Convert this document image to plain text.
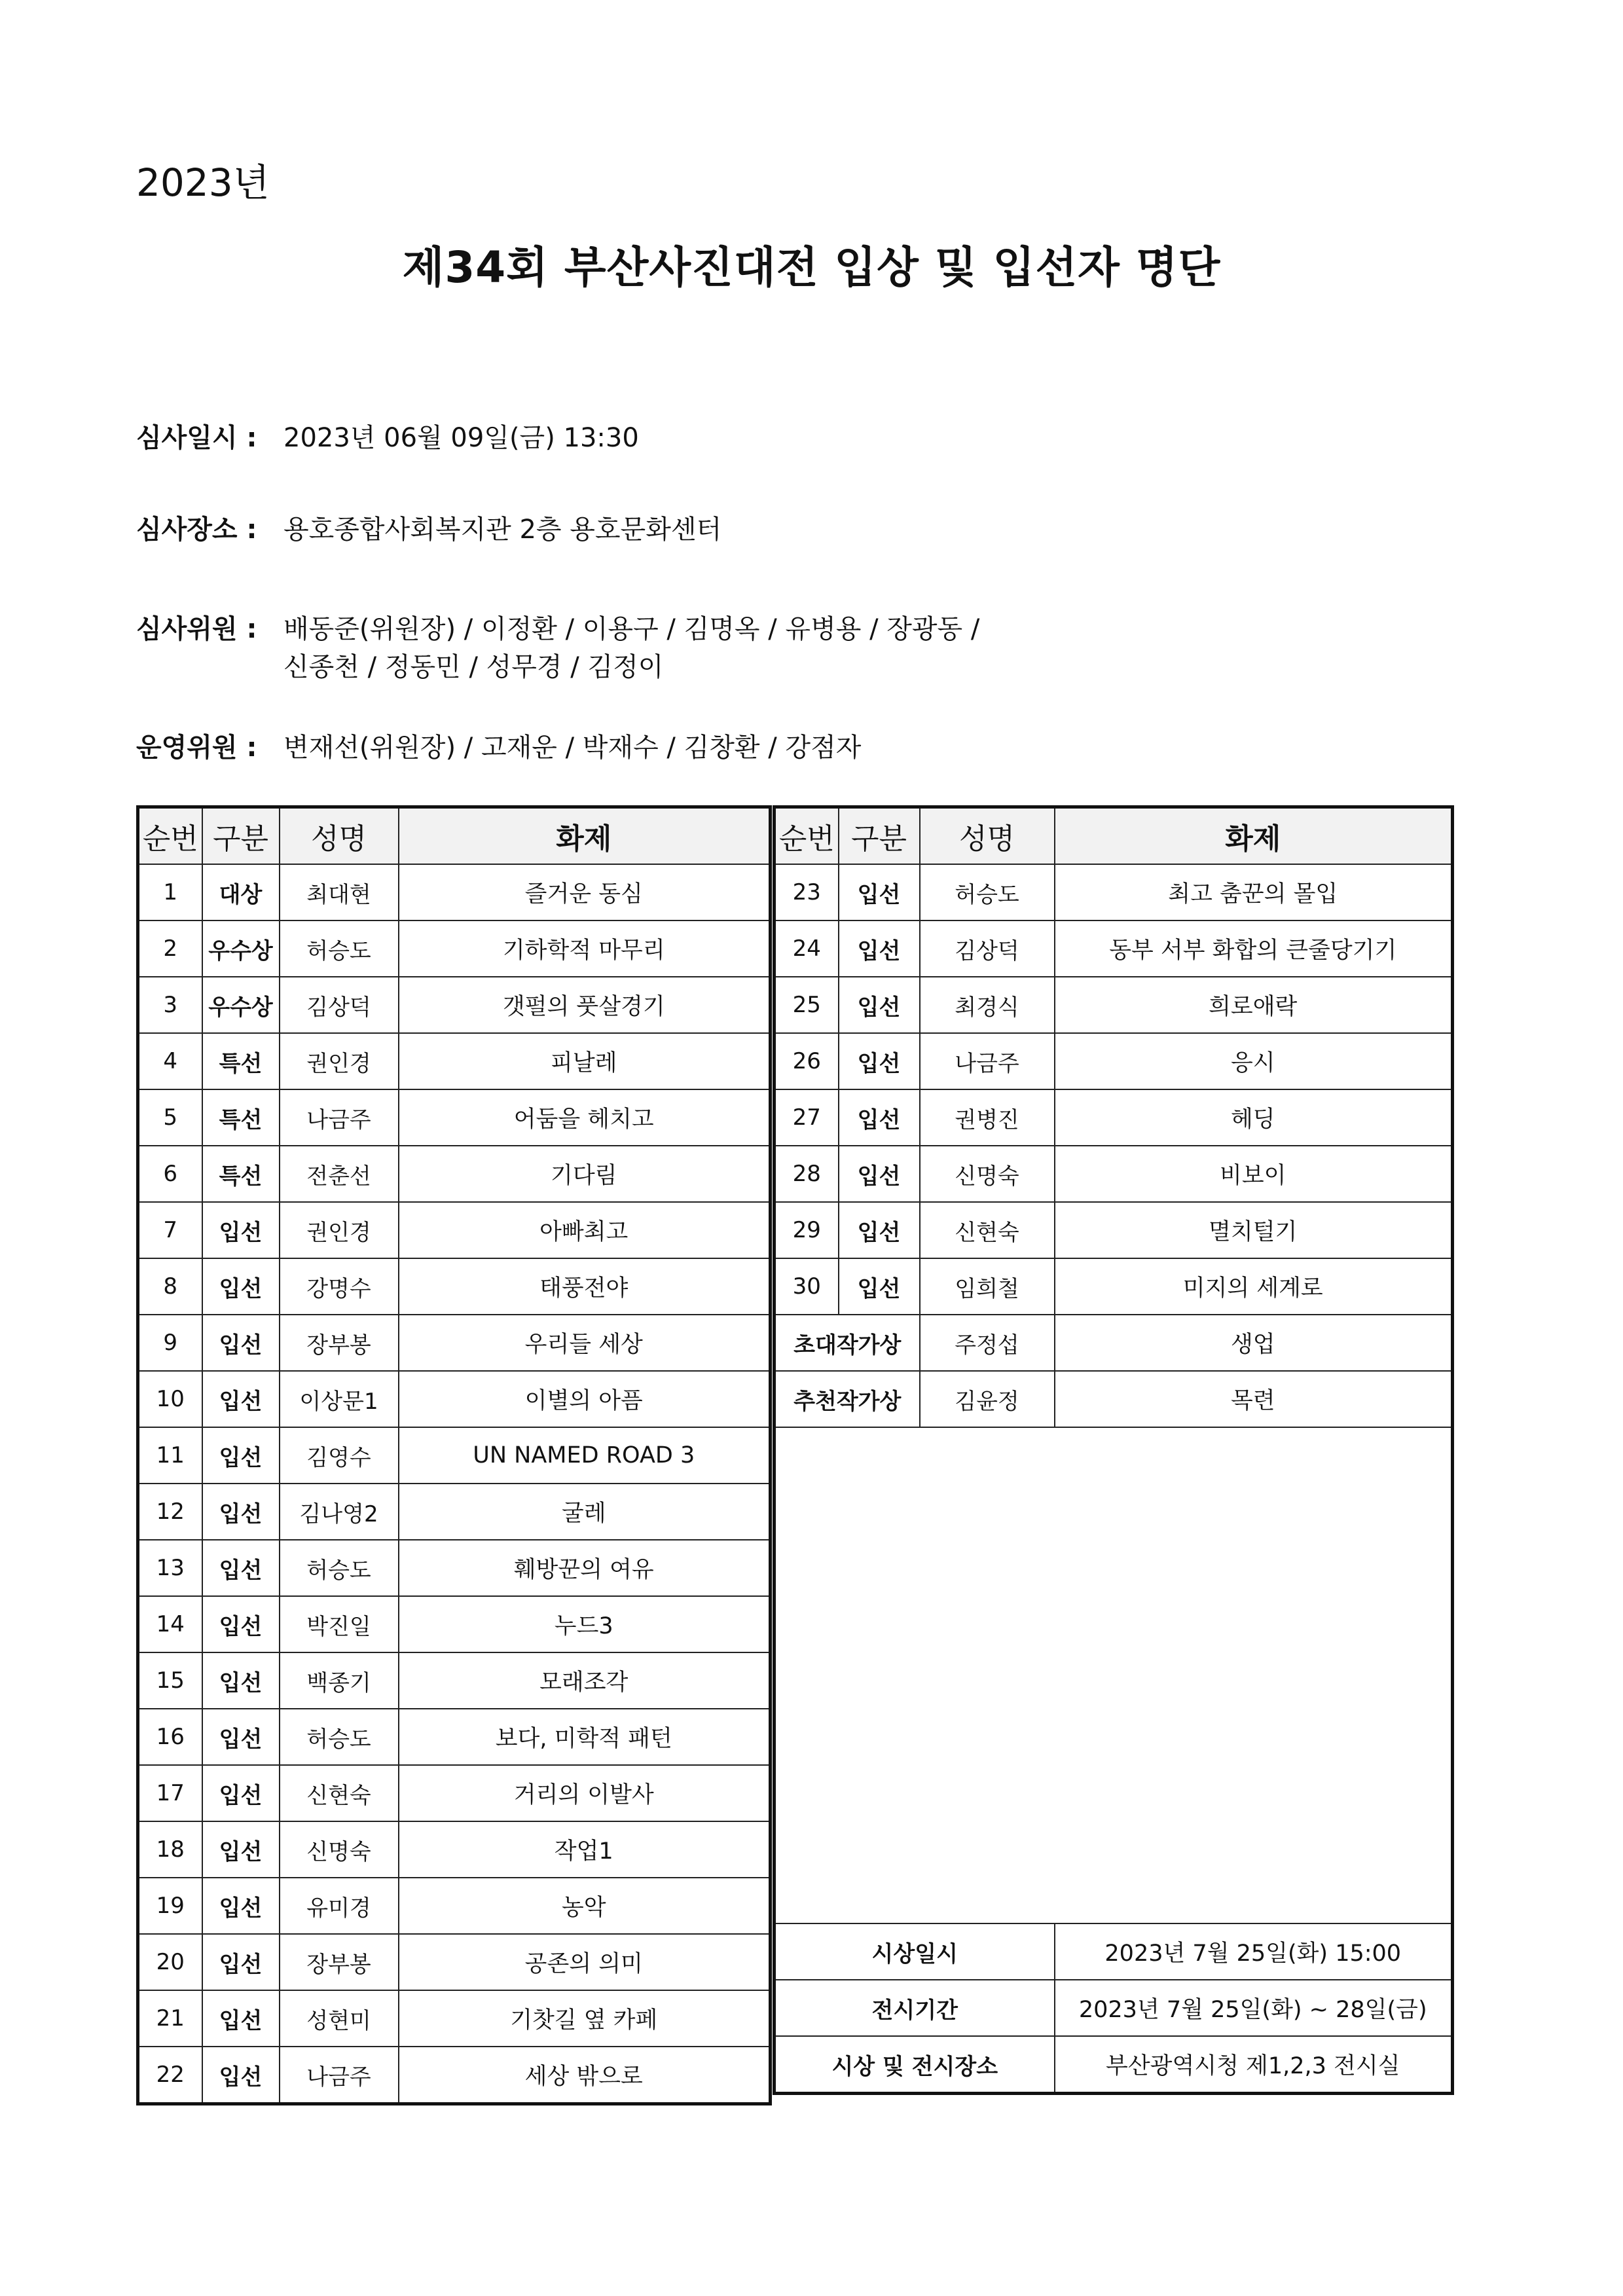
2023년
제34회 부산사진대전 입상 및 입선자 명단
심사일시 : 2023년 06월 09일(금) 13:30
심사장소 : 용호종합사회복지관 2층 용호문화센터
심사위원 : 배동준(위원장) / 이정환 / 이용구 / 김명옥 / 유병용 / 장광동 /
신종천 / 정동민 / 성무경 / 김정이
운영위원 : 변재선(위원장) / 고재운 / 박재수 / 김창환 / 강점자
순번	구분	성명	화제
1	대상	최대현	즐거운 동심
2	우수상	허승도	기하학적 마무리
3	우수상	김상덕	갯펄의 풋살경기
4	특선	권인경	피날레
5	특선	나금주	어둠을 헤치고
6	특선	전춘선	기다림
7	입선	권인경	아빠최고
8	입선	강명수	태풍전야
9	입선	장부봉	우리들 세상
10	입선	이상문1	이별의 아픔
11	입선	김영수	UN NAMED ROAD 3
12	입선	김나영2	굴레
13	입선	허승도	훼방꾼의 여유
14	입선	박진일	누드3
15	입선	백종기	모래조각
16	입선	허승도	보다, 미학적 패턴
17	입선	신현숙	거리의 이발사
18	입선	신명숙	작업1
19	입선	유미경	농악
20	입선	장부봉	공존의 의미
21	입선	성현미	기찻길 옆 카페
22	입선	나금주	세상 밖으로
순번	구분	성명	화제
23	입선	허승도	최고 춤꾼의 몰입
24	입선	김상덕	동부 서부 화합의 큰줄당기기
25	입선	최경식	희로애락
26	입선	나금주	응시
27	입선	권병진	헤딩
28	입선	신명숙	비보이
29	입선	신현숙	멸치털기
30	입선	임희철	미지의 세계로
초대작가상		주정섭	생업
추천작가상		김윤정	목련

시상일시			2023년 7월 25일(화) 15:00
전시기간			2023년 7월 25일(화) ~ 28일(금)
시상 및 전시장소			부산광역시청 제1,2,3 전시실
